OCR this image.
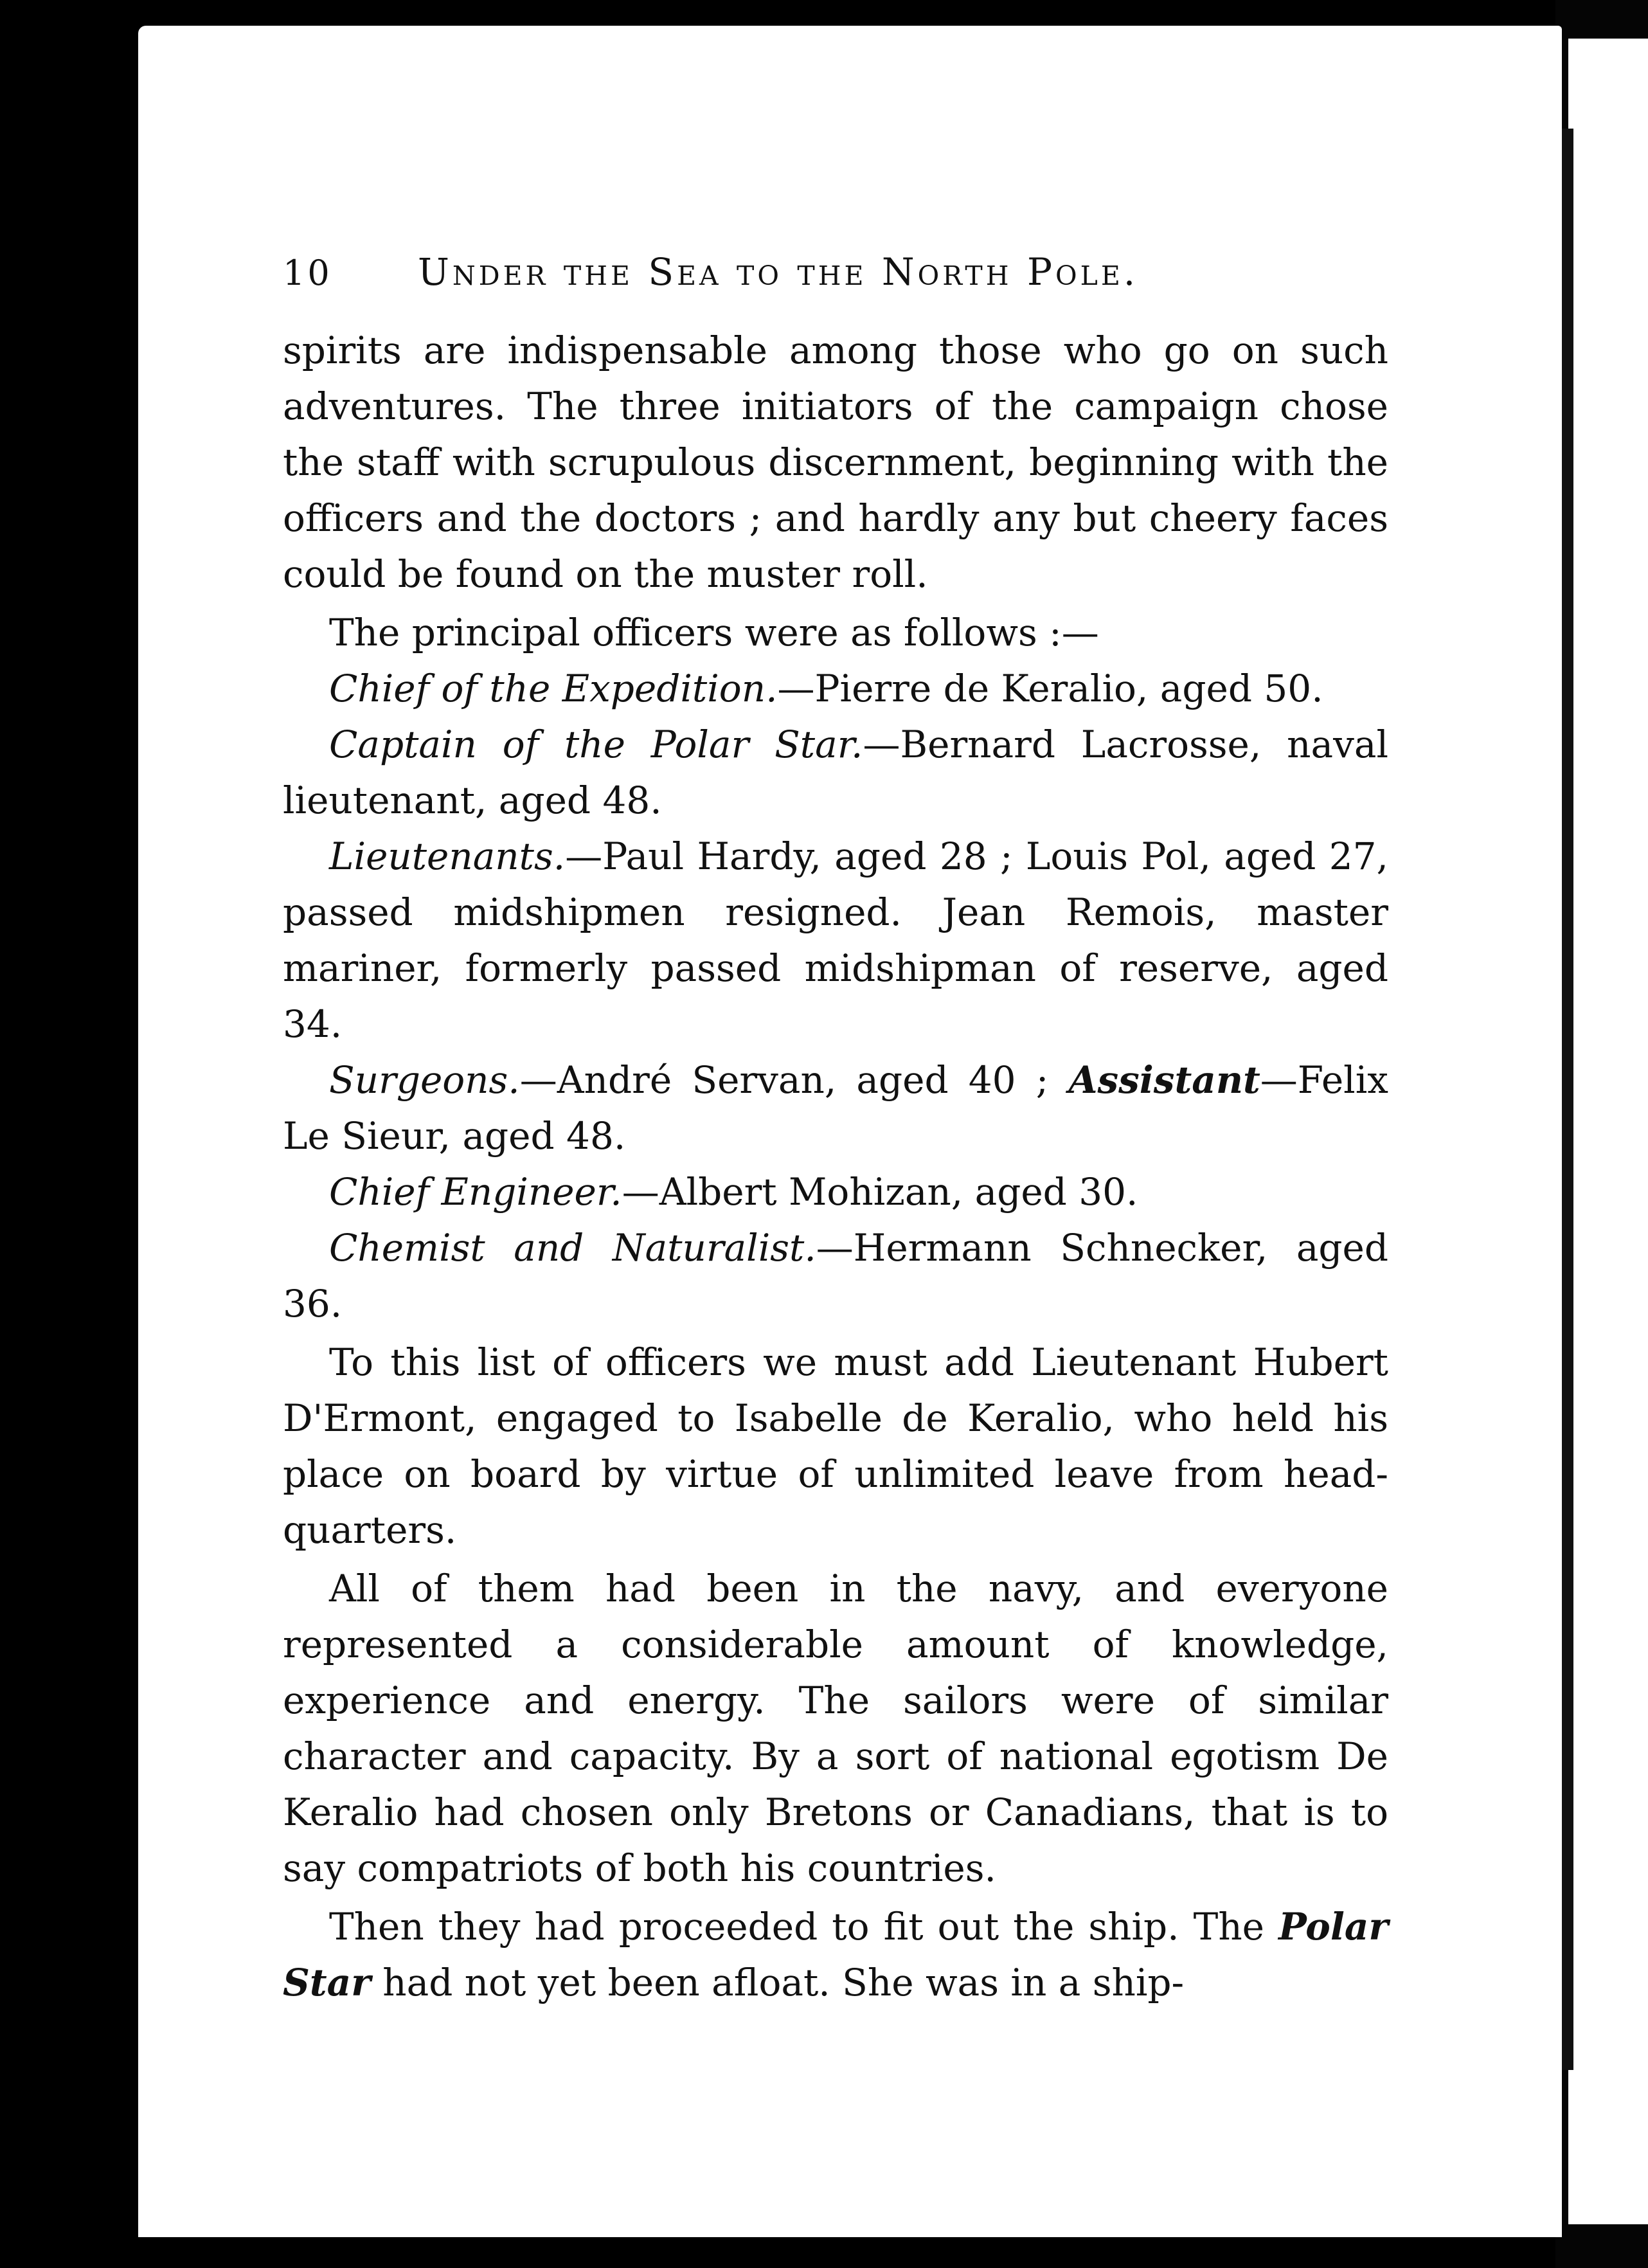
10	Under the Sea to the North Pole.

spirits are indispensable among those who go on such adventures. The three initiators of the campaign chose the staff with scrupulous discernment, beginning with the officers and the doctors ; and hardly any but cheery faces could be found on the muster roll.

The principal officers were as follows :—

Chief of the Expedition.—Pierre de Keralio, aged 50.

Captain of the Polar Star.—Bernard Lacrosse, naval lieutenant, aged 48.

Lieutenants.—Paul Hardy, aged 28 ; Louis Pol, aged 27, passed midshipmen resigned. Jean Remois, master mariner, formerly passed midshipman of reserve, aged 34.

Surgeons.—André Servan, aged 40 ; Assistant—Felix Le Sieur, aged 48.

Chief Engineer.—Albert Mohizan, aged 30.

Chemist and Naturalist.—Hermann Schnecker, aged 36.

To this list of officers we must add Lieutenant Hubert D'Ermont, engaged to Isabelle de Keralio, who held his place on board by virtue of unlimited leave from head-quarters.

All of them had been in the navy, and everyone represented a considerable amount of knowledge, experience and energy. The sailors were of similar character and capacity. By a sort of national egotism De Keralio had chosen only Bretons or Canadians, that is to say compatriots of both his countries.

Then they had proceeded to fit out the ship. The Polar Star had not yet been afloat. She was in a ship-
